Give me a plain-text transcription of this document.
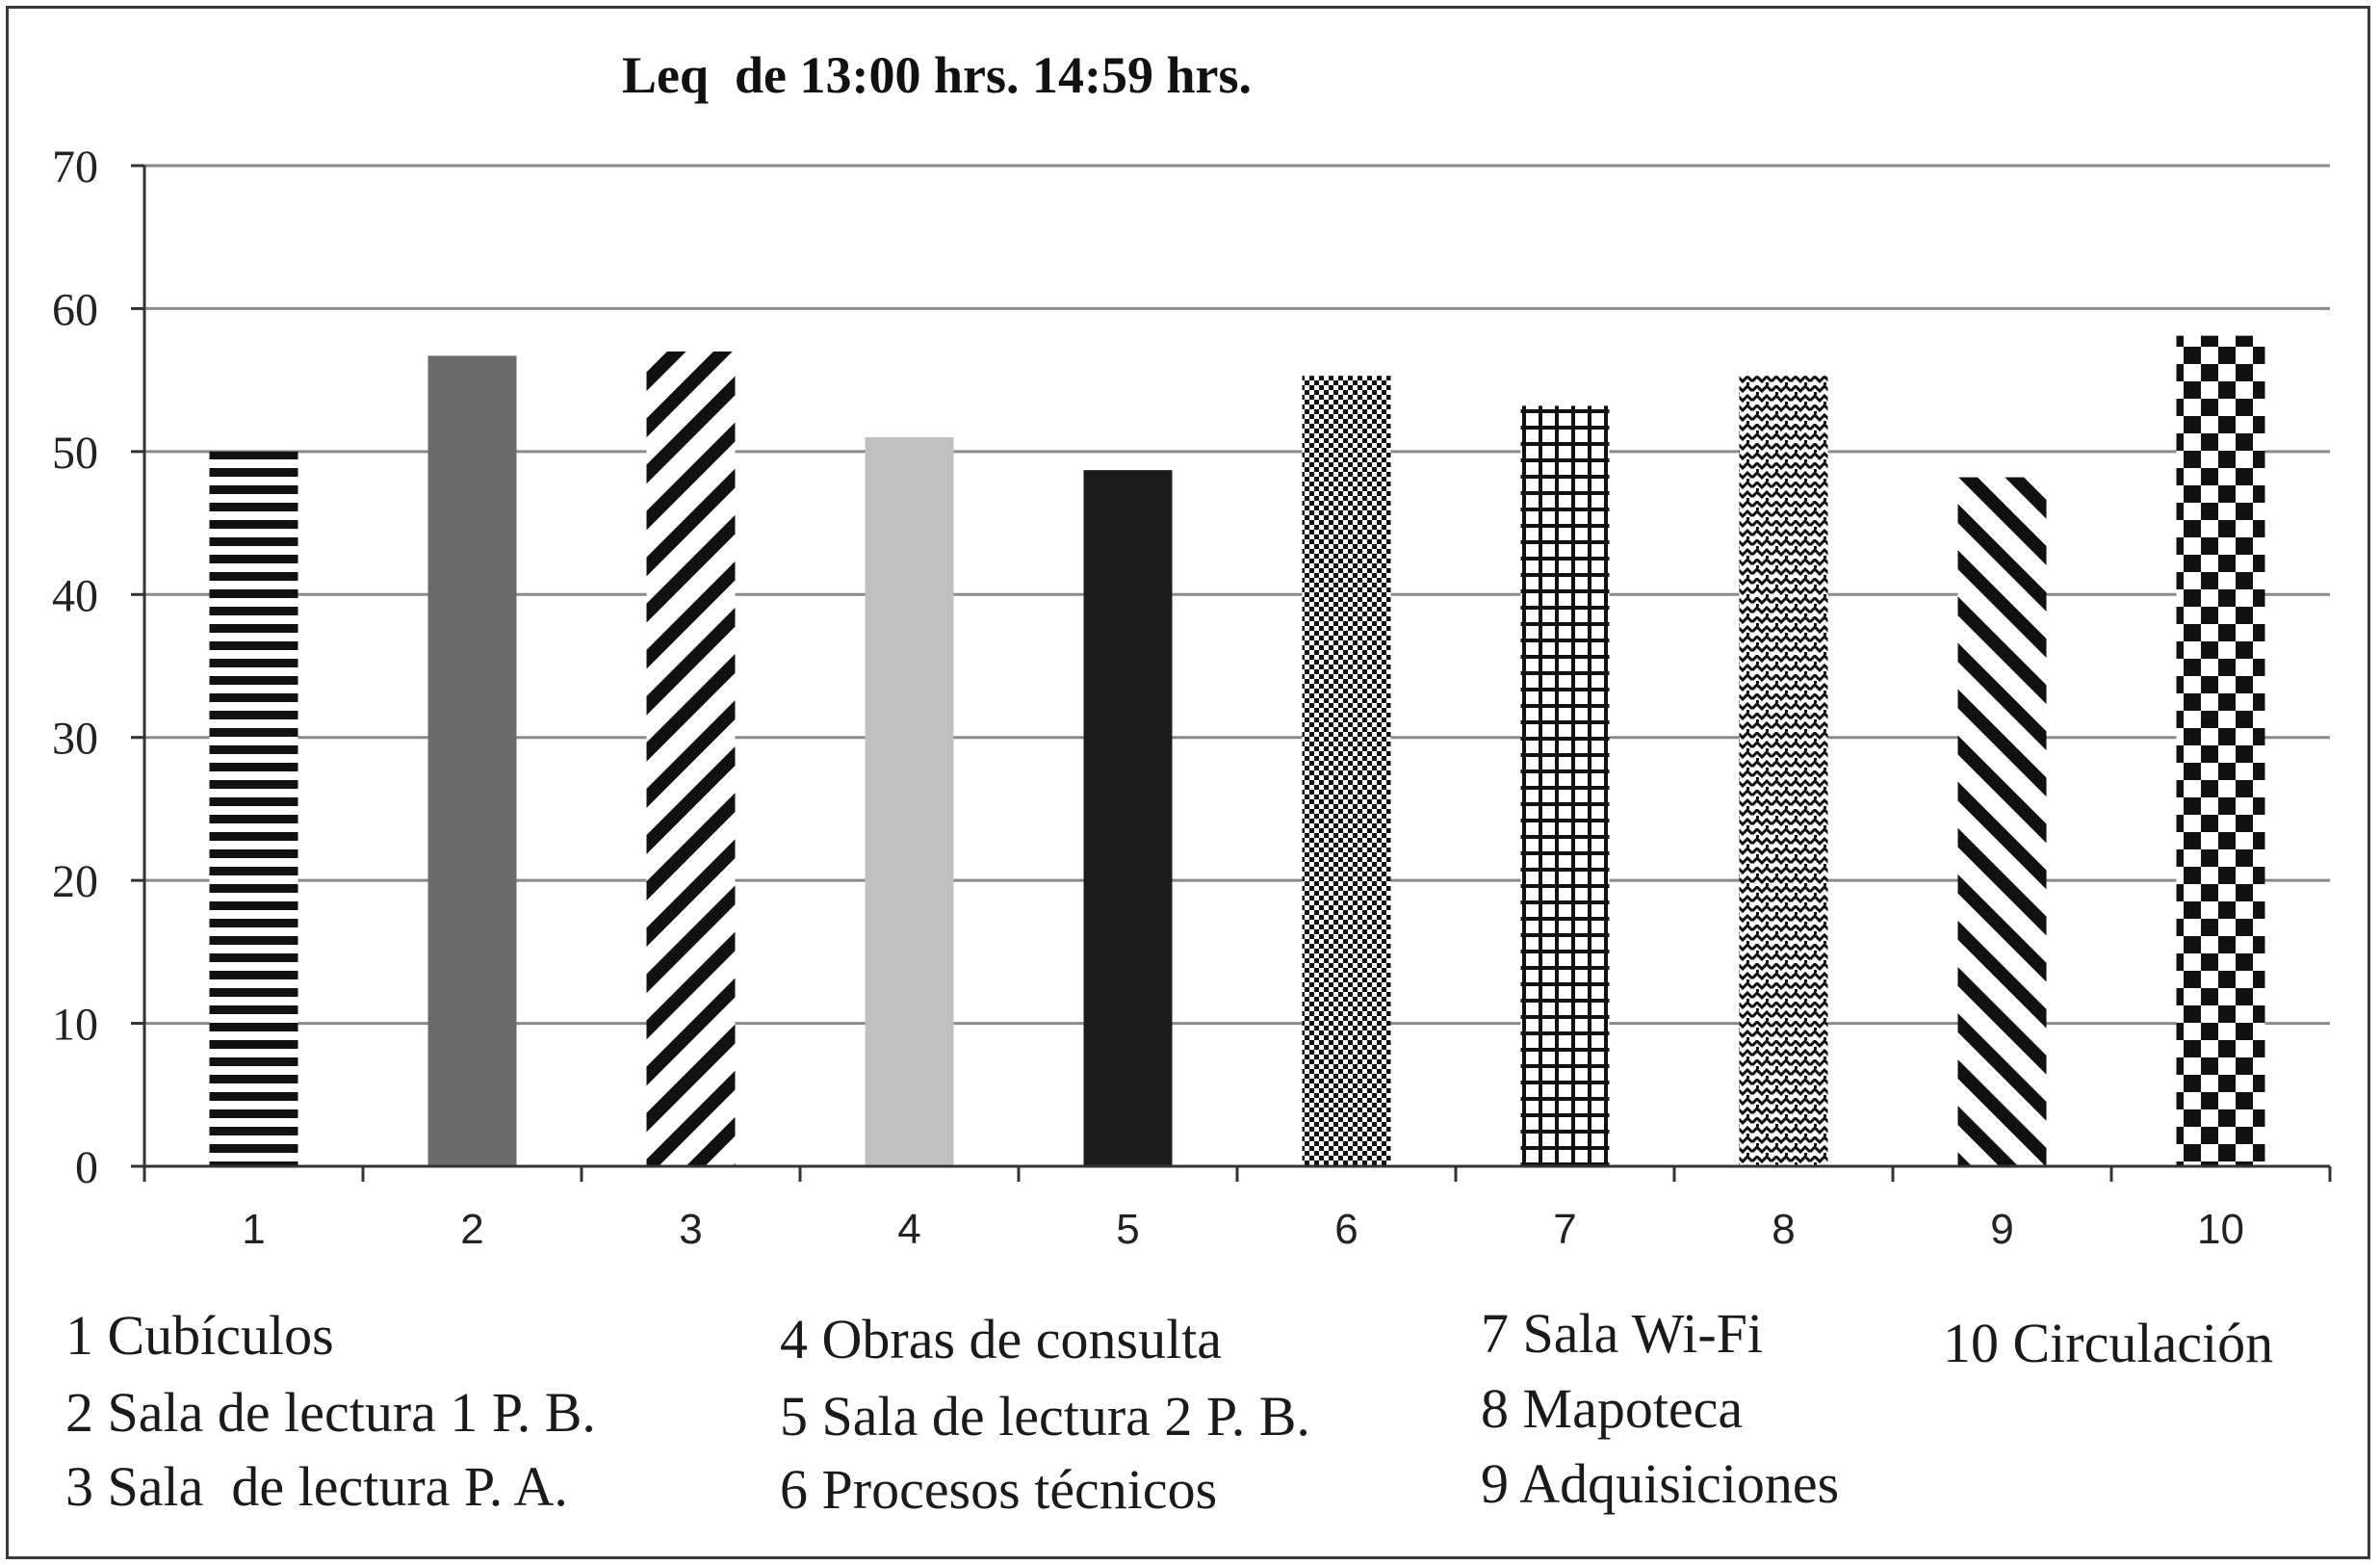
Leq  de 13:00 hrs. 14:59 hrs.
0
10
20
30
40
50
60
70
1	2	3	4	5	6	7	8	9	10
1 Cubículos
2 Sala de lectura 1 P. B.
3 Sala  de lectura P. A.
4 Obras de consulta
5 Sala de lectura 2 P. B.
6 Procesos técnicos
7 Sala Wi-Fi
8 Mapoteca
9 Adquisiciones
10 Circulación
